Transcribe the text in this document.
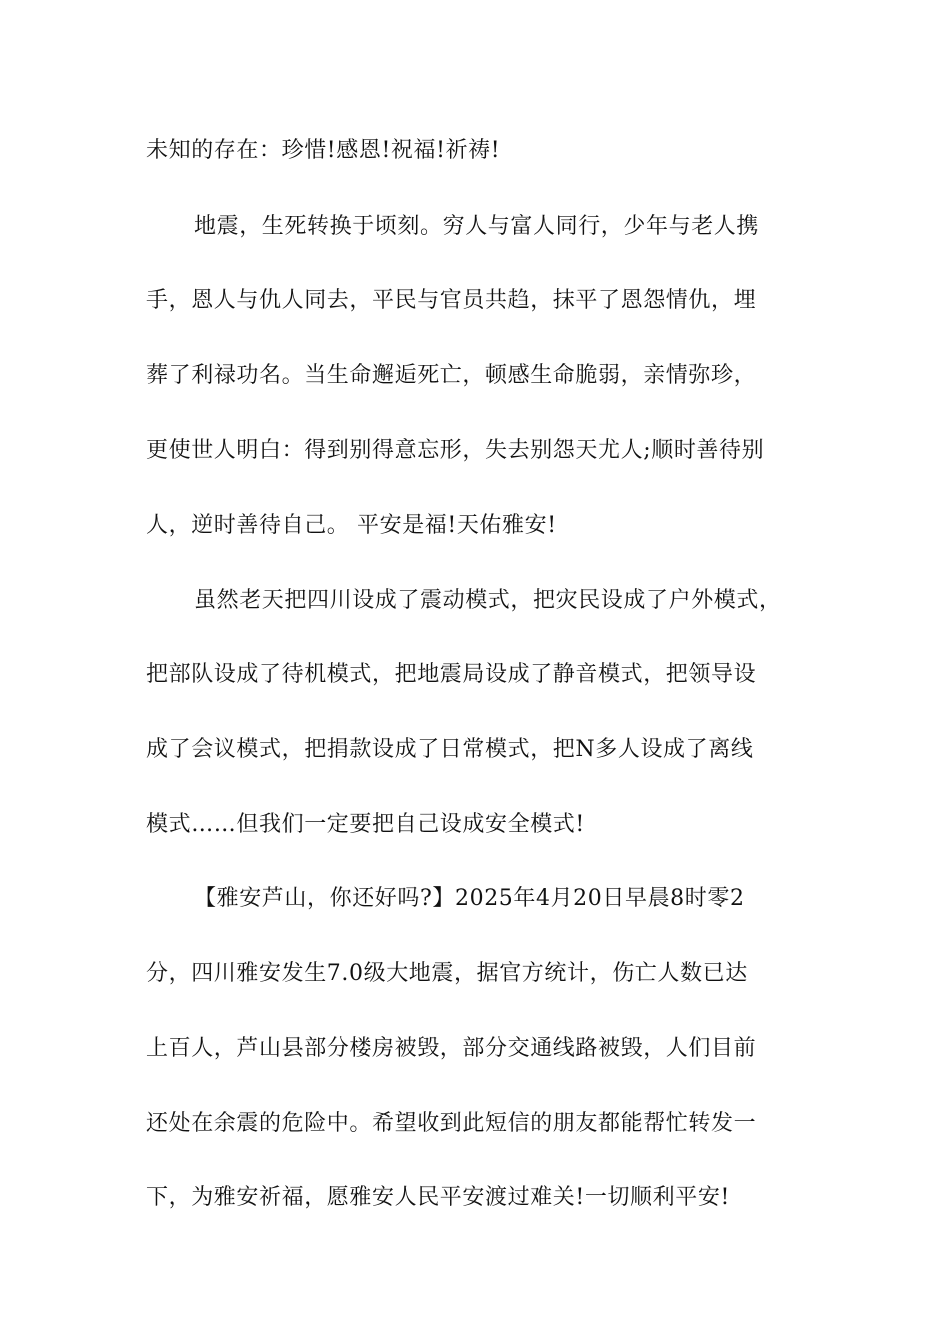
未知的存在：珍惜!感恩!祝福!祈祷!
地震，生死转换于顷刻。穷人与富人同行，少年与老人携
手，恩人与仇人同去，平民与官员共趋，抹平了恩怨情仇，埋
葬了利禄功名。当生命邂逅死亡，顿感生命脆弱，亲情弥珍，
更使世人明白：得到别得意忘形，失去别怨天尤人;顺时善待别
人，逆时善待自己。 平安是福!天佑雅安!
虽然老天把四川设成了震动模式，把灾民设成了户外模式，
把部队设成了待机模式，把地震局设成了静音模式，把领导设
成了会议模式，把捐款设成了日常模式，把N多人设成了离线
模式……但我们一定要把自己设成安全模式!
【雅安芦山，你还好吗?】2025年4月20日早晨8时零2
分，四川雅安发生7.0级大地震，据官方统计，伤亡人数已达
上百人，芦山县部分楼房被毁，部分交通线路被毁，人们目前
还处在余震的危险中。希望收到此短信的朋友都能帮忙转发一
下，为雅安祈福，愿雅安人民平安渡过难关!一切顺利平安!
